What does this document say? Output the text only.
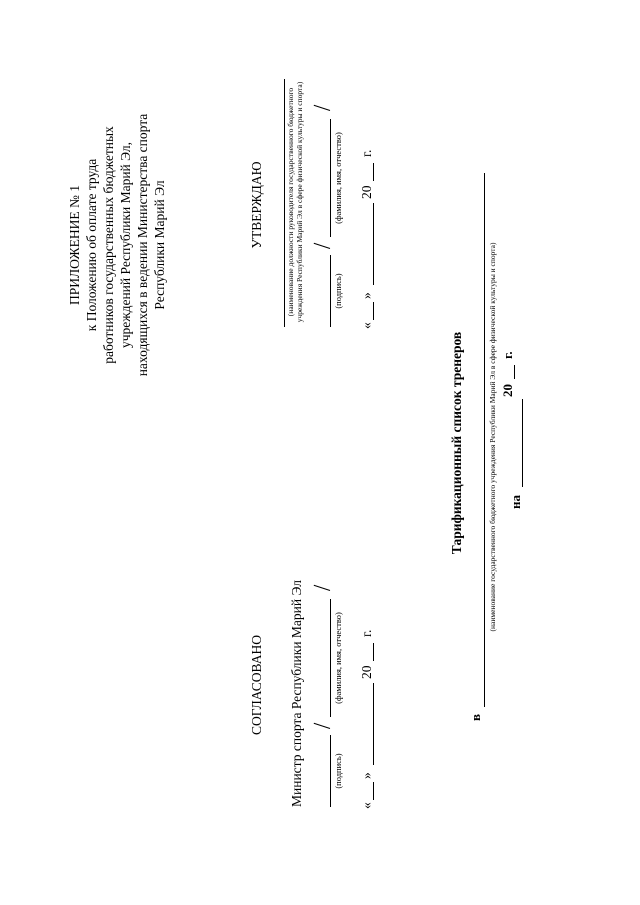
ПРИЛОЖЕНИЕ № 1 к Положению об оплате труда работников государственных бюджетных учреждений Республики Марий Эл, находящихся в ведении Министерства спорта Республики Марий Эл
СОГЛАСОВАНО Министр спорта Республики Марий Эл	(подпись)
(фамилия, имя, отчество)
«
»
20
г.
УТВЕРЖДАЮ	(наименование должности руководителя государственного бюджетного учреждения Республики Марий Эл в сфере физической культуры и спорта)	(подпись)
(фамилия, имя, отчество)
«
»
20
г.
Тарификационный список тренеров
в
(наименование государственного бюджетного учреждения Республики Марий Эл в сфере физической культуры и спорта) на
20
г.
